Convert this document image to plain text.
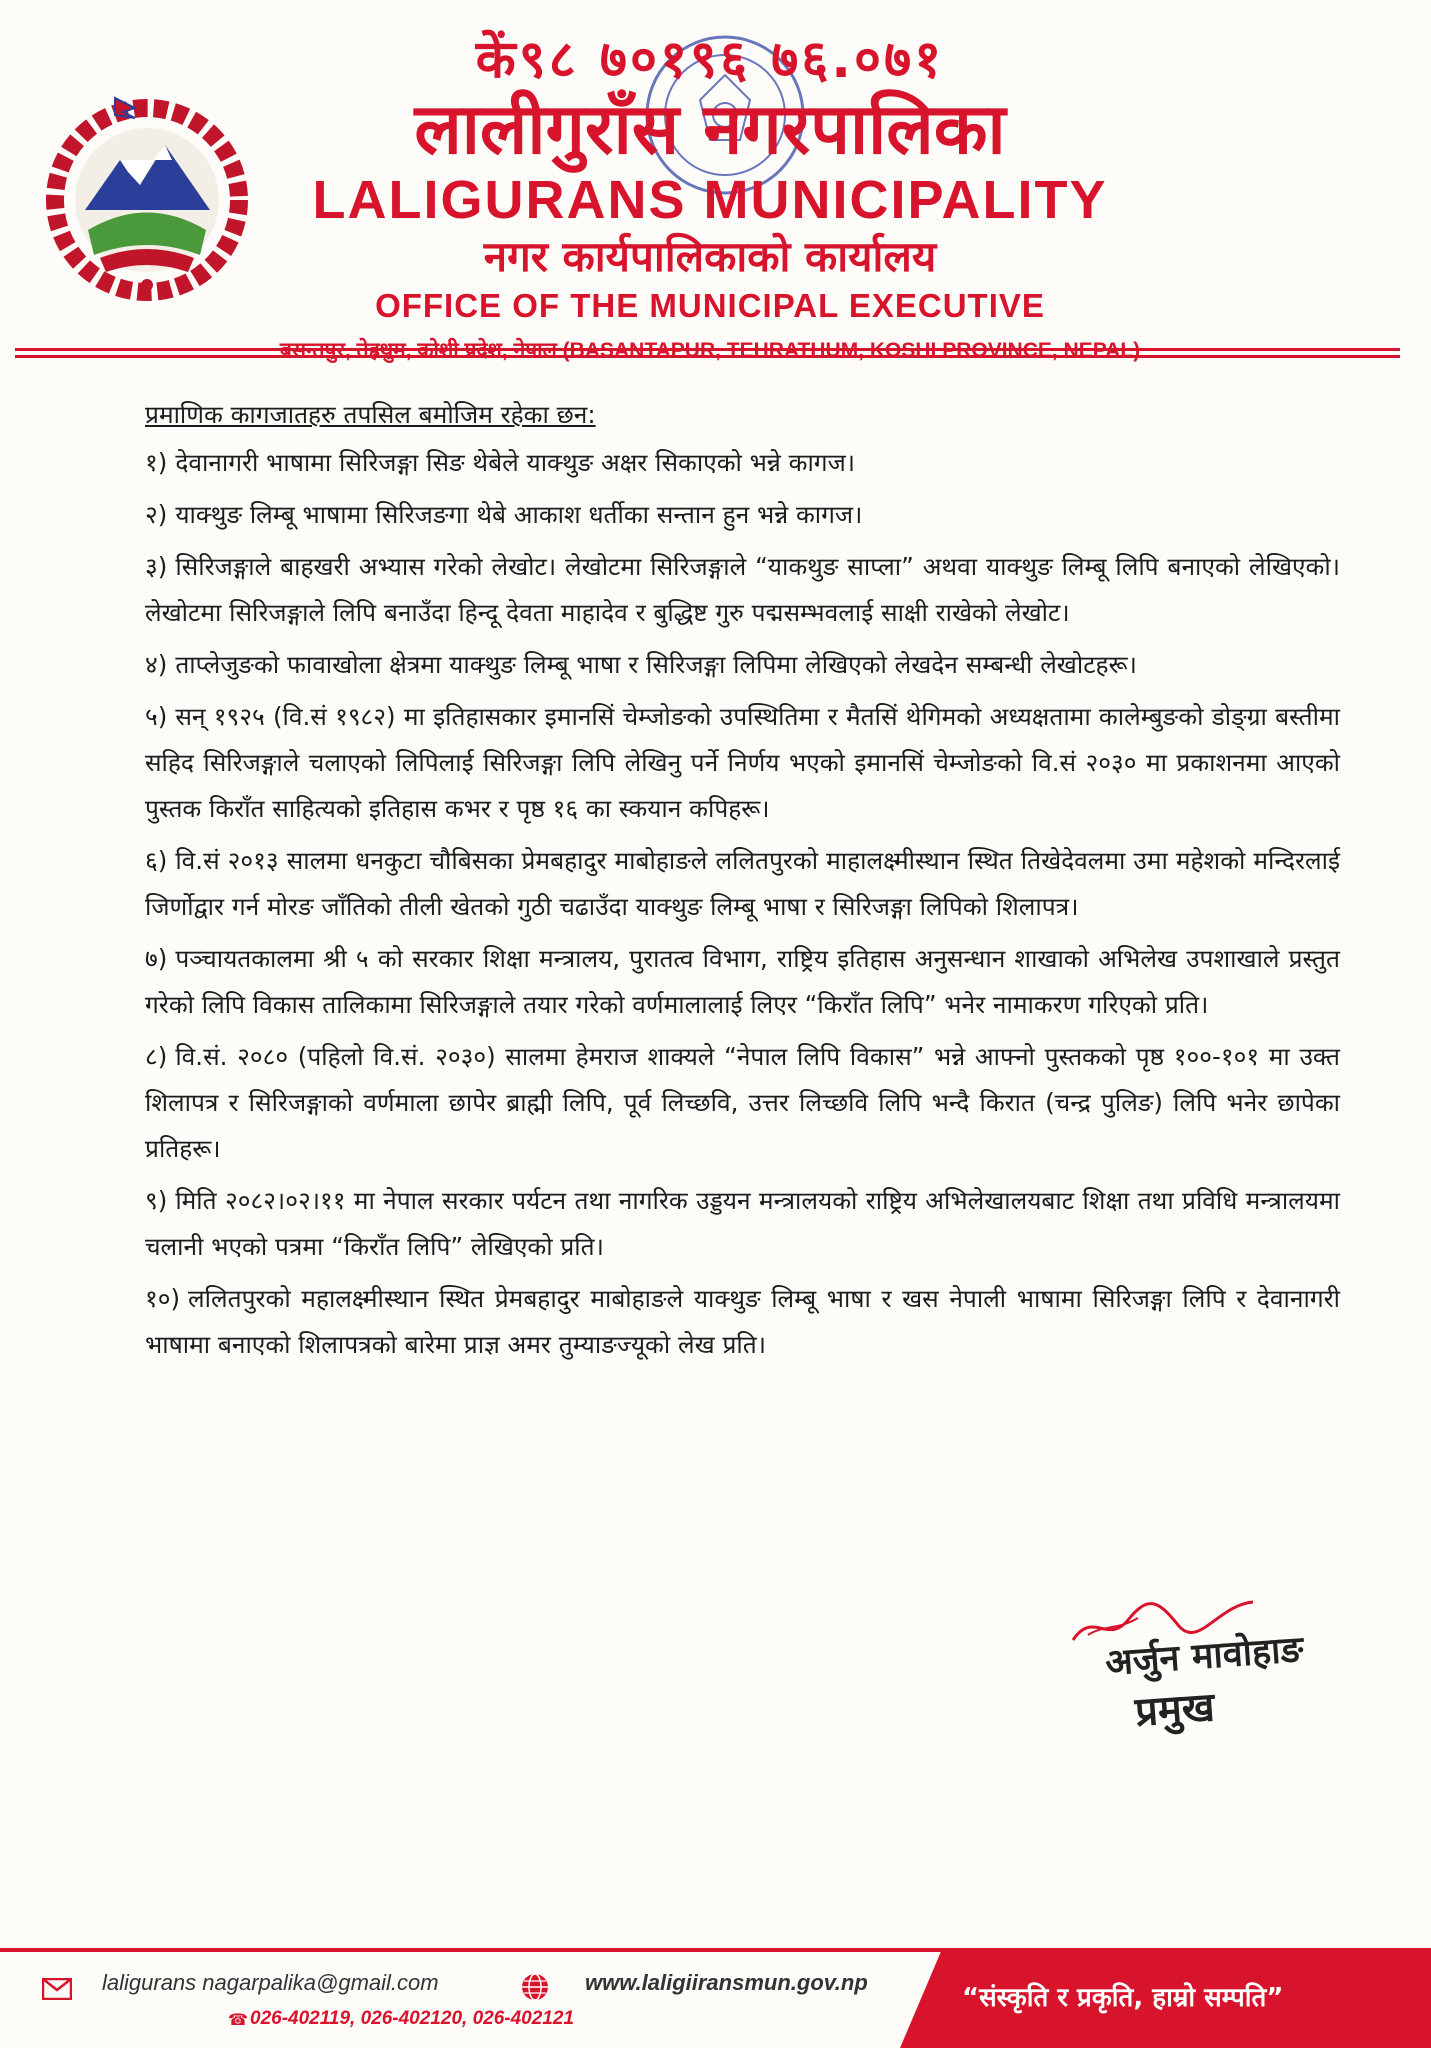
कें९८ ७०१९६ ७६.०७१
लालीगुराँस नगरपालिका
LALIGURANS MUNICIPALITY
नगर कार्यपालिकाको कार्यालय
OFFICE OF THE MUNICIPAL EXECUTIVE
प्रमाणिक कागजातहरु तपसिल बमोजिम रहेका छन:
१) देवानागरी भाषामा सिरिजङ्गा सिङ थेबेले याक्थुङ अक्षर सिकाएको भन्ने कागज।
२) याक्थुङ लिम्बू भाषामा सिरिजङगा थेबे आकाश धर्तीका सन्तान हुन भन्ने कागज।
३) सिरिजङ्गाले बाहखरी अभ्यास गरेको लेखोट। लेखोटमा सिरिजङ्गाले “याकथुङ साप्ला” अथवा याक्थुङ लिम्बू लिपि बनाएको लेखिएको। लेखोटमा सिरिजङ्गाले लिपि बनाउँदा हिन्दू देवता माहादेव र बुद्धिष्ट गुरु पद्मसम्भवलाई साक्षी राखेको लेखोट।
४) ताप्लेजुङको फावाखोला क्षेत्रमा याक्थुङ लिम्बू भाषा र सिरिजङ्गा लिपिमा लेखिएको लेखदेन सम्बन्धी लेखोटहरू।
५) सन् १९२५ (वि.सं १९८२) मा इतिहासकार इमानसिं चेम्जोङको उपस्थितिमा र मैतसिं थेगिमको अध्यक्षतामा कालेम्बुङको डोङ्ग्रा बस्तीमा सहिद सिरिजङ्गाले चलाएको लिपिलाई सिरिजङ्गा लिपि लेखिनु पर्ने निर्णय भएको इमानसिं चेम्जोङको वि.सं २०३० मा प्रकाशनमा आएको पुस्तक किराँत साहित्यको इतिहास कभर र पृष्ठ १६ का स्कयान कपिहरू।
६) वि.सं २०१३ सालमा धनकुटा चौबिसका प्रेमबहादुर माबोहाङले ललितपुरको माहालक्ष्मीस्थान स्थित तिखेदेवलमा उमा महेशको मन्दिरलाई जिर्णोद्वार गर्न मोरङ जाँतिको तीली खेतको गुठी चढाउँदा याक्थुङ लिम्बू भाषा र सिरिजङ्गा लिपिको शिलापत्र।
७) पञ्चायतकालमा श्री ५ को सरकार शिक्षा मन्त्रालय, पुरातत्व विभाग, राष्ट्रिय इतिहास अनुसन्धान शाखाको अभिलेख उपशाखाले प्रस्तुत गरेको लिपि विकास तालिकामा सिरिजङ्गाले तयार गरेको वर्णमालालाई लिएर “किराँत लिपि” भनेर नामाकरण गरिएको प्रति।
८) वि.सं. २०८० (पहिलो वि.सं. २०३०) सालमा हेमराज शाक्यले “नेपाल लिपि विकास” भन्ने आफ्नो पुस्तकको पृष्ठ १००-१०१ मा उक्त शिलापत्र र सिरिजङ्गाको वर्णमाला छापेर ब्राह्मी लिपि, पूर्व लिच्छवि, उत्तर लिच्छवि लिपि भन्दै किरात (चन्द्र पुलिङ) लिपि भनेर छापेका प्रतिहरू।
९) मिति २०८२।०२।११ मा नेपाल सरकार पर्यटन तथा नागरिक उड्डयन मन्त्रालयको राष्ट्रिय अभिलेखालयबाट शिक्षा तथा प्रविधि मन्त्रालयमा चलानी भएको पत्रमा “किराँत लिपि” लेखिएको प्रति।
१०) ललितपुरको महालक्ष्मीस्थान स्थित प्रेमबहादुर माबोहाङले याक्थुङ लिम्बू भाषा र खस नेपाली भाषामा सिरिजङ्गा लिपि र देवानागरी भाषामा बनाएको शिलापत्रको बारेमा प्राज्ञ अमर तुम्याङज्यूको लेख प्रति।
अर्जुन मावोहाङ
प्रमुख
laligurans nagarpalika@gmail.com	www.laligiiransmun.gov.np
☎ 026-402119, 026-402120, 026-402121
“संस्कृति र प्रकृति, हाम्रो सम्पति”
